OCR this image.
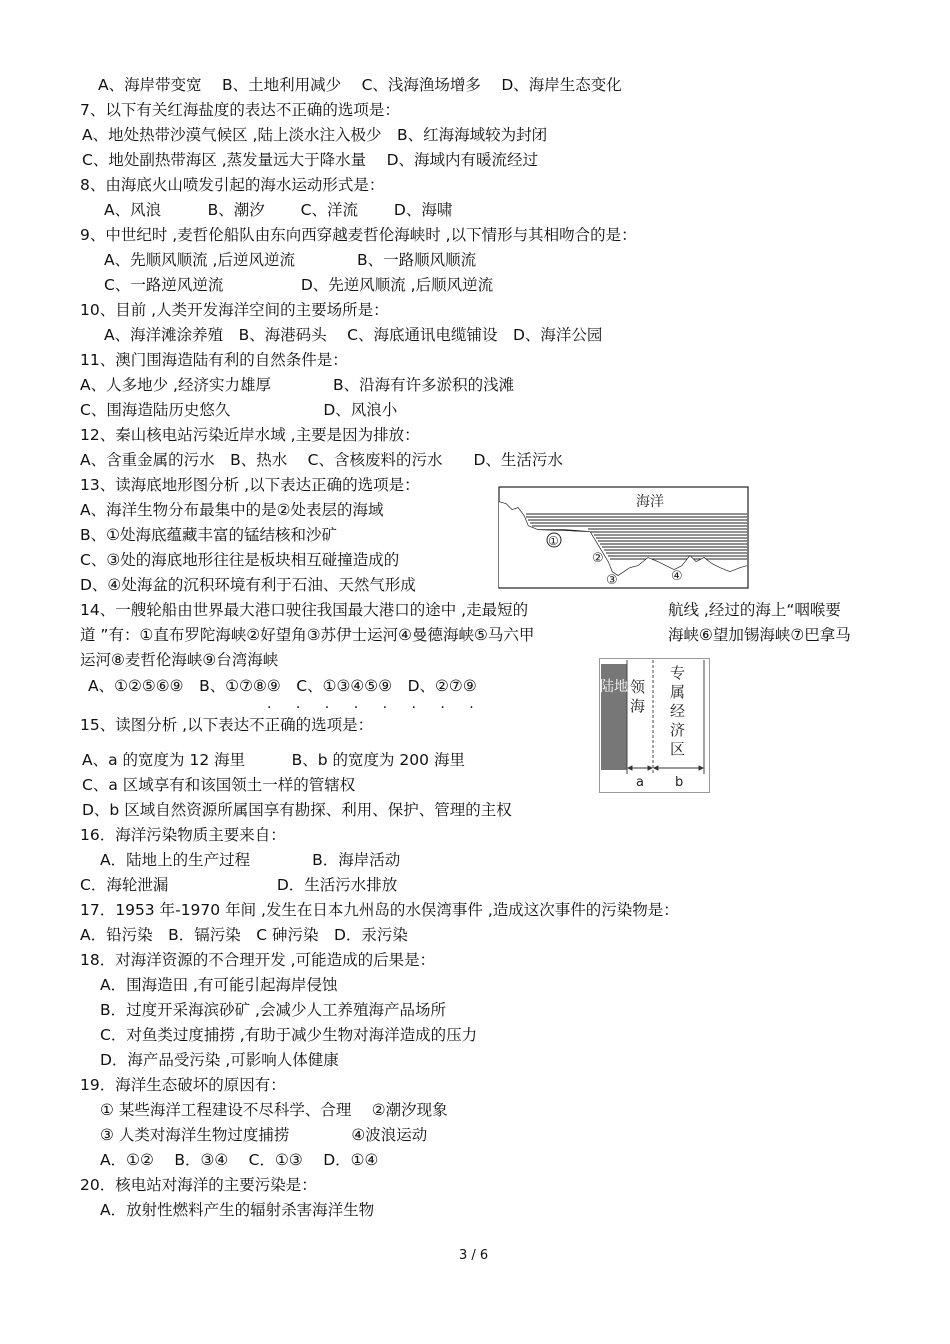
A、海岸带变宽　 B、土地利用减少　 C、浅海渔场增多　 D、海岸生态变化
7、以下有关红海盐度的表达不正确的选项是：
A、地处热带沙漠气候区 ,陆上淡水注入极少　B、红海海域较为封闭
C、地处副热带海区 ,蒸发量远大于降水量　 D、海域内有暖流经过
8、由海底火山喷发引起的海水运动形式是：
A、风浪　　　B、潮汐　　 C、洋流　　 D、海啸
9、中世纪时 ,麦哲伦船队由东向西穿越麦哲伦海峡时 ,以下情形与其相吻合的是：
A、先顺风顺流 ,后逆风逆流　　　　B、一路顺风顺流
C、一路逆风逆流　　　　　D、先逆风顺流 ,后顺风逆流
10、目前 ,人类开发海洋空间的主要场所是：
A、海洋滩涂养殖　B、海港码头　 C、海底通讯电缆铺设　D、海洋公园
11、澳门围海造陆有利的自然条件是：
A、人多地少 ,经济实力雄厚　　　　B、沿海有许多淤积的浅滩
C、围海造陆历史悠久　　　　　　D、风浪小
12、秦山核电站污染近岸水域 ,主要是因为排放：
A、含重金属的污水　B、热水　 C、含核废料的污水　　D、生活污水
13、读海底地形图分析 ,以下表达正确的选项是：
A、海洋生物分布最集中的是②处表层的海域
B、①处海底蕴藏丰富的锰结核和沙矿
C、③处的海底地形往往是板块相互碰撞造成的
D、④处海盆的沉积环境有利于石油、天然气形成
14、一艘轮船由世界最大港口驶往我国最大港口的途中 ,走最短的	航线 ,经过的海上“咽喉要
道 ”有：①直布罗陀海峡②好望角③苏伊士运河④曼德海峡⑤马六甲	海峡⑥望加锡海峡⑦巴拿马
运河⑧麦哲伦海峡⑨台湾海峡
A、①②⑤⑥⑨　B、①⑦⑧⑨　C、①③④⑤⑨　D、②⑦⑨
15、读图分析 ,以下表达不正确的选项是：
A、a 的宽度为 12 海里　　　B、b 的宽度为 200 海里
C、a 区域享有和该国领土一样的管辖权
D、b 区域自然资源所属国享有勘探、利用、保护、管理的主权
16．海洋污染物质主要来自：
A．陆地上的生产过程　　　　B．海岸活动
C．海轮泄漏　　　　　　　D．生活污水排放
17．1953 年-1970 年间 ,发生在日本九州岛的水俣湾事件 ,造成这次事件的污染物是：
A．铅污染　B．镉污染　C 砷污染　D．汞污染
18．对海洋资源的不合理开发 ,可能造成的后果是：
A．围海造田 ,有可能引起海岸侵蚀
B．过度开采海滨砂矿 ,会减少人工养殖海产品场所
C．对鱼类过度捕捞 ,有助于减少生物对海洋造成的压力
D．海产品受污染 ,可影响人体健康
19．海洋生态破坏的原因有：
① 某些海洋工程建设不尽科学、合理　 ②潮汐现象
③ 人类对海洋生物过度捕捞　　　　④波浪运动
A．①②　 B．③④　 C．①③　 D．①④
20．核电站对海洋的主要污染是：
A．放射性燃料产生的辐射杀害海洋生物
· · · · · · · ·
海洋
①
②
③	④
陆地 领
海
专
属
经
济
区
a b
3 / 6
